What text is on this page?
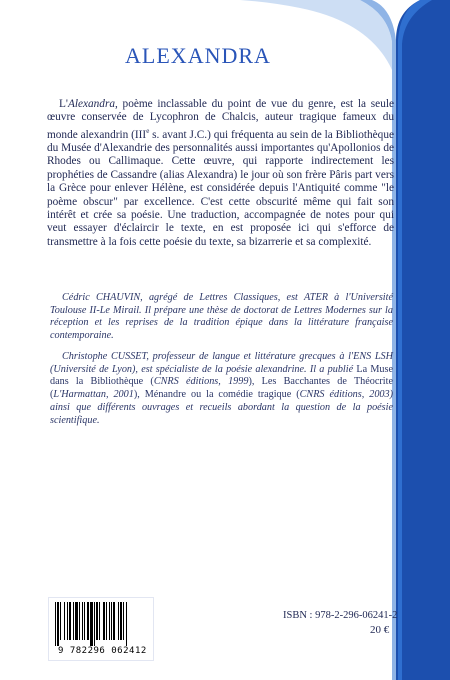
ALEXANDRA

L'Alexandra, poème inclassable du point de vue du genre, est la seule œuvre conservée de Lycophron de Chalcis, auteur tragique fameux du monde alexandrin (IIIe s. avant J.C.) qui fréquenta au sein de la Bibliothèque du Musée d'Alexandrie des personnalités aussi importantes qu'Apollonios de Rhodes ou Callimaque. Cette œuvre, qui rapporte indirectement les prophéties de Cassandre (alias Alexandra) le jour où son frère Pâris part vers la Grèce pour enlever Hélène, est considérée depuis l'Antiquité comme "le poème obscur" par excellence. C'est cette obscurité même qui fait son intérêt et crée sa poésie. Une traduction, accompagnée de notes pour qui veut essayer d'éclaircir le texte, en est proposée ici qui s'efforce de transmettre à la fois cette poésie du texte, sa bizarrerie et sa complexité.

Cédric CHAUVIN, agrégé de Lettres Classiques, est ATER à l'Université Toulouse II-Le Mirail. Il prépare une thèse de doctorat de Lettres Modernes sur la réception et les reprises de la tradition épique dans la littérature française contemporaine.

Christophe CUSSET, professeur de langue et littérature grecques à l'ENS LSH (Université de Lyon), est spécialiste de la poésie alexandrine. Il a publié La Muse dans la Bibliothèque (CNRS éditions, 1999), Les Bacchantes de Théocrite (L'Harmattan, 2001), Ménandre ou la comédie tragique (CNRS éditions, 2003) ainsi que différents ouvrages et recueils abordant la question de la poésie scientifique.

9 782296 062412
ISBN : 978-2-296-06241-2
20 €
